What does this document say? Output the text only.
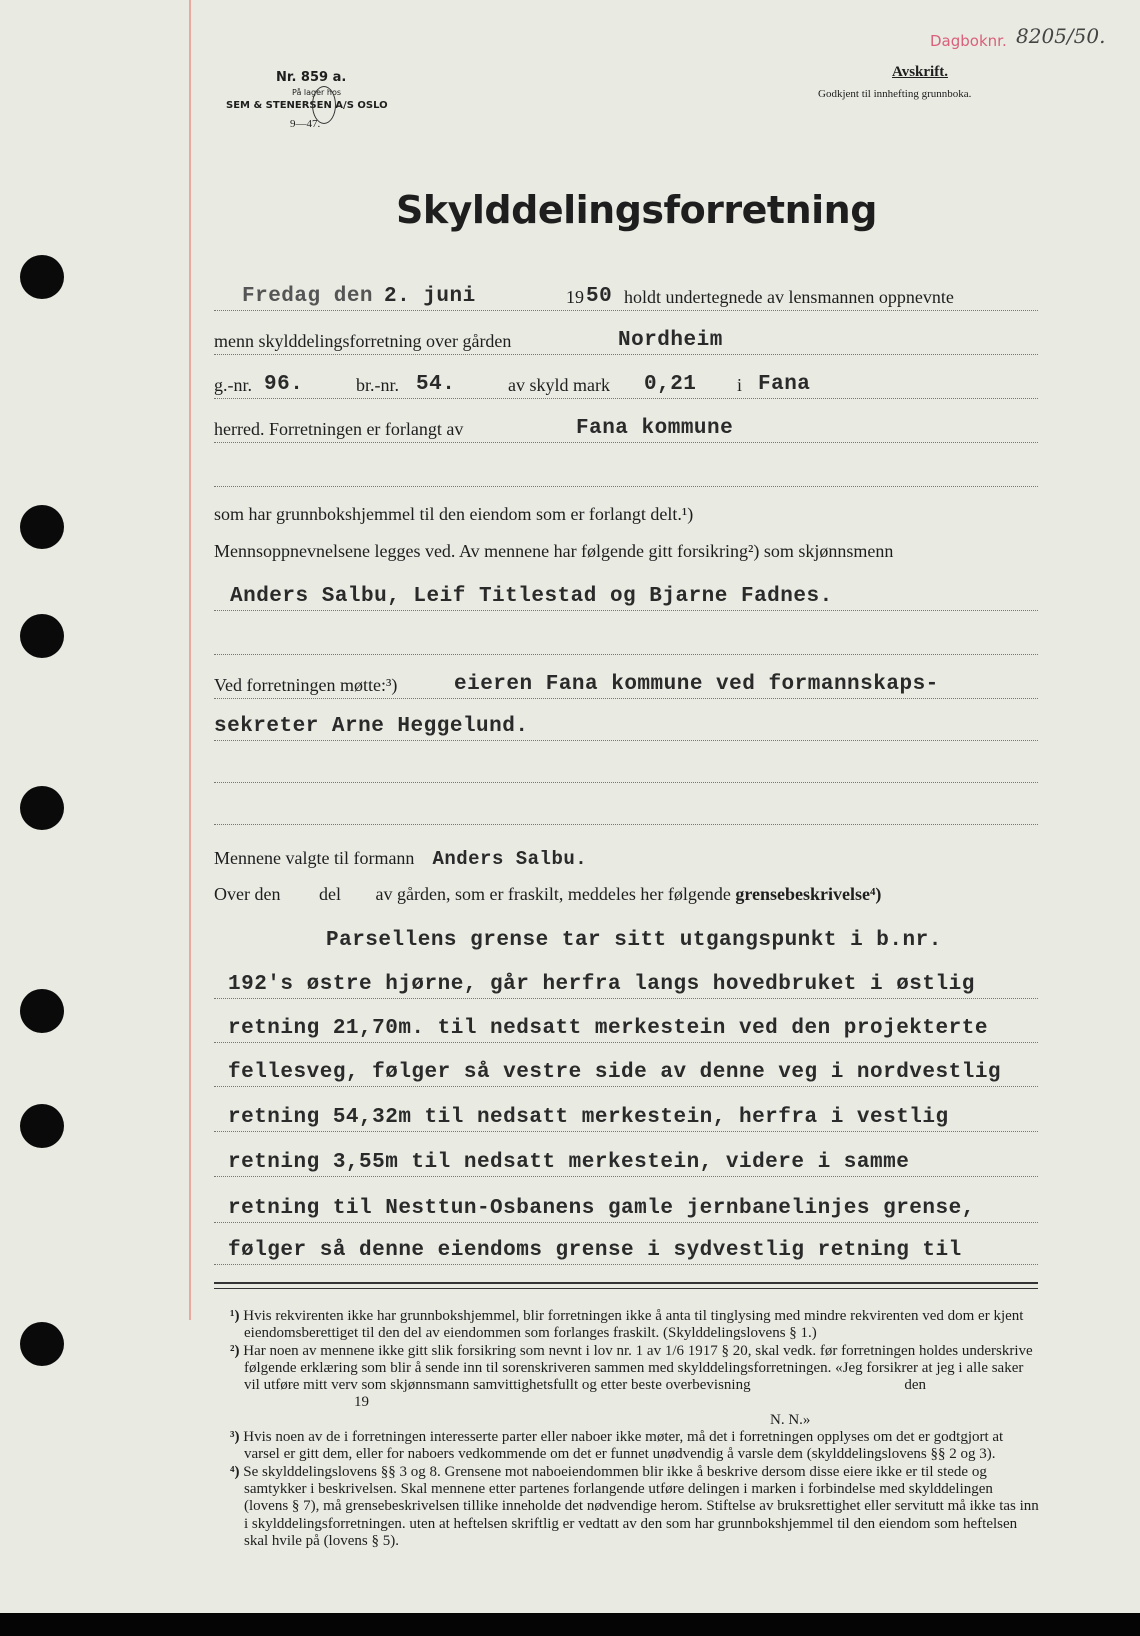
Nr. 859 a.
På lager hos
SEM & STENERSEN A/S OSLO
9—47.
Dagboknr. 8205/50.
Avskrift.
Godkjent til innhefting grunnboka.
Skylddelingsforretning
Fredag den 2. juni	19 50 holdt undertegnede av lensmannen oppnevnte
menn skylddelingsforretning over gården	Nordheim
g.-nr. 96.	br.-nr. 54.	av skyld mark 0,21 i Fana
herred. Forretningen er forlangt av	Fana kommune
som har grunnbokshjemmel til den eiendom som er forlangt delt.¹)
Mennsoppnevnelsene legges ved. Av mennene har følgende gitt forsikring²) som skjønnsmenn
Anders Salbu, Leif Titlestad og Bjarne Fadnes.
Ved forretningen møtte:³)	eieren Fana kommune ved formannskaps-
sekreter Arne Heggelund.
Mennene valgte til formann Anders Salbu.
Over den del av gården, som er fraskilt, meddeles her følgende grensebeskrivelse⁴)
Parsellens grense tar sitt utgangspunkt i b.nr.
192's østre hjørne, går herfra langs hovedbruket i østlig
retning 21,70m. til nedsatt merkestein ved den projekterte
fellesveg, følger så vestre side av denne veg i nordvestlig
retning 54,32m til nedsatt merkestein, herfra i vestlig
retning 3,55m til nedsatt merkestein, videre i samme
retning til Nesttun-Osbanens gamle jernbanelinjes grense,
følger så denne eiendoms grense i sydvestlig retning til

¹) Hvis rekvirenten ikke har grunnbokshjemmel, blir forretningen ikke å anta til tinglysing med mindre rekvirenten ved dom er kjent eiendomsberettiget til den del av eiendommen som forlanges fraskilt. (Skylddelingslovens § 1.)

²) Har noen av mennene ikke gitt slik forsikring som nevnt i lov nr. 1 av 1/6 1917 § 20, skal vedk. før forretningen holdes underskrive følgende erklæring som blir å sende inn til sorenskriveren sammen med skylddelingsforretningen. «Jeg forsikrer at jeg i alle saker vil utføre mitt verv som skjønnsmann samvittighetsfullt og etter beste overbevisning	den 19
N. N.»

³) Hvis noen av de i forretningen interesserte parter eller naboer ikke møter, må det i forretningen opplyses om det er godtgjort at varsel er gitt dem, eller for naboers vedkommende om det er funnet unødvendig å varsle dem (skylddelingslovens §§ 2 og 3).

⁴) Se skylddelingslovens §§ 3 og 8. Grensene mot naboeiendommen blir ikke å beskrive dersom disse eiere ikke er til stede og samtykker i beskrivelsen. Skal mennene etter partenes forlangende utføre delingen i marken i forbindelse med skylddelingen (lovens § 7), må grensebeskrivelsen tillike inneholde det nødvendige herom. Stiftelse av bruksrettighet eller servitutt må ikke tas inn i skylddelingsforretningen. uten at heftelsen skriftlig er vedtatt av den som har grunnbokshjemmel til den eiendom som heftelsen skal hvile på (lovens § 5).
